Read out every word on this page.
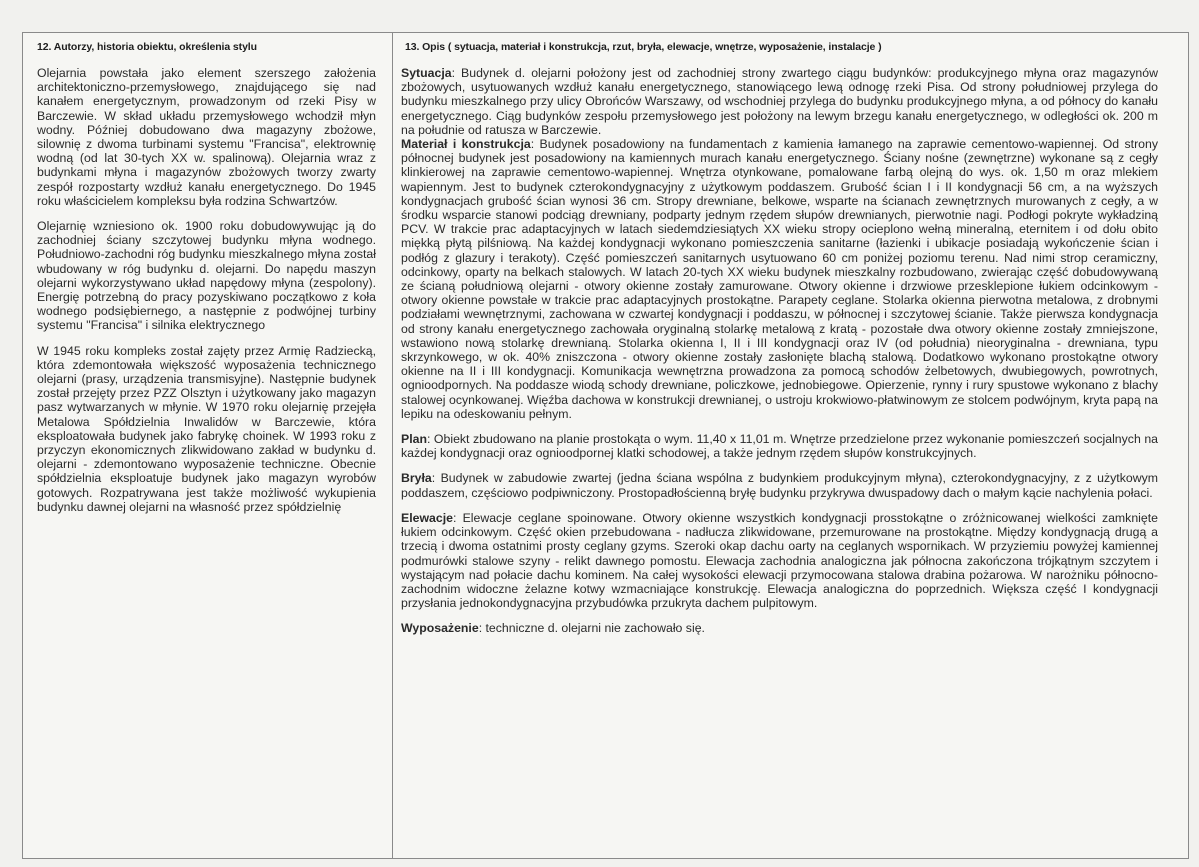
12. Autorzy, historia obiektu, określenia stylu

Olejarnia powstała jako element szerszego założenia architektoniczno-przemysłowego, znajdującego się nad kanałem energetycznym, prowadzonym od rzeki Pisy w Barczewie. W skład układu przemysłowego wchodził młyn wodny. Później dobudowano dwa magazyny zbożowe, silownię z dwoma turbinami systemu "Francisa", elektrownię wodną (od lat 30-tych XX w. spalinową). Olejarnia wraz z budynkami młyna i magazynów zbożowych tworzy zwarty zespół rozpostarty wzdłuż kanału energetycznego. Do 1945 roku właścicielem kompleksu była rodzina Schwartzów.

Olejarnię wzniesiono ok. 1900 roku dobudowywując ją do zachodniej ściany szczytowej budynku młyna wodnego. Południowo-zachodni róg budynku mieszkalnego młyna został wbudowany w róg budynku d. olejarni. Do napędu maszyn olejarni wykorzystywano układ napędowy młyna (zespolony). Energię potrzebną do pracy pozyskiwano początkowo z koła wodnego podsiębiernego, a następnie z podwójnej turbiny systemu "Francisa" i silnika elektrycznego

W 1945 roku kompleks został zajęty przez Armię Radziecką, która zdemontowała większość wyposażenia technicznego olejarni (prasy, urządzenia transmisyjne). Następnie budynek został przejęty przez PZZ Olsztyn i użytkowany jako magazyn pasz wytwarzanych w młynie. W 1970 roku olejarnię przejęła Metalowa Spółdzielnia Inwalidów w Barczewie, która eksploatowała budynek jako fabrykę choinek. W 1993 roku z przyczyn ekonomicznych zlikwidowano zakład w budynku d. olejarni - zdemontowano wyposażenie techniczne. Obecnie spółdzielnia eksploatuje budynek jako magazyn wyrobów gotowych. Rozpatrywana jest także możliwość wykupienia budynku dawnej olejarni na własność przez spółdzielnię

13. Opis ( sytuacja, materiał i konstrukcja, rzut, bryła, elewacje, wnętrze, wyposażenie, instalacje )

Sytuacja: Budynek d. olejarni położony jest od zachodniej strony zwartego ciągu budynków: produkcyjnego młyna oraz magazynów zbożowych, usytuowanych wzdłuż kanału energetycznego, stanowiącego lewą odnogę rzeki Pisa. Od strony południowej przylega do budynku mieszkalnego przy ulicy Obrońców Warszawy, od wschodniej przylega do budynku produkcyjnego młyna, a od północy do kanału energetycznego. Ciąg budynków zespołu przemysłowego jest położony na lewym brzegu kanału energetycznego, w odległości ok. 200 m na południe od ratusza w Barczewie.

Materiał i konstrukcja: Budynek posadowiony na fundamentach z kamienia łamanego na zaprawie cementowo-wapiennej. Od strony północnej budynek jest posadowiony na kamiennych murach kanału energetycznego. Ściany nośne (zewnętrzne) wykonane są z cegły klinkierowej na zaprawie cementowo-wapiennej. Wnętrza otynkowane, pomalowane farbą olejną do wys. ok. 1,50 m oraz mlekiem wapiennym. Jest to budynek czterokondygnacyjny z użytkowym poddaszem. Grubość ścian I i II kondygnacji 56 cm, a na wyższych kondygnacjach grubość ścian wynosi 36 cm. Stropy drewniane, belkowe, wsparte na ścianach zewnętrznych murowanych z cegły, a w środku wsparcie stanowi podciąg drewniany, podparty jednym rzędem słupów drewnianych, pierwotnie nagi. Podłogi pokryte wykładziną PCV. W trakcie prac adaptacyjnych w latach siedemdziesiątych XX wieku stropy ocieplono wełną mineralną, eternitem i od dołu obito miękką płytą pilśniową. Na każdej kondygnacji wykonano pomieszczenia sanitarne (łazienki i ubikacje posiadają wykończenie ścian i podłóg z glazury i terakoty). Część pomieszczeń sanitarnych usytuowano 60 cm poniżej poziomu terenu. Nad nimi strop ceramiczny, odcinkowy, oparty na belkach stalowych. W latach 20-tych XX wieku budynek mieszkalny rozbudowano, zwierając część dobudowywaną ze ścianą południową olejarni - otwory okienne zostały zamurowane. Otwory okienne i drzwiowe przesklepione łukiem odcinkowym - otwory okienne powstałe w trakcie prac adaptacyjnych prostokątne. Parapety ceglane. Stolarka okienna pierwotna metalowa, z drobnymi podziałami wewnętrznymi, zachowana w czwartej kondygnacji i poddaszu, w północnej i szczytowej ścianie. Także pierwsza kondygnacja od strony kanału energetycznego zachowała oryginalną stolarkę metalową z kratą - pozostałe dwa otwory okienne zostały zmniejszone, wstawiono nową stolarkę drewnianą. Stolarka okienna I, II i III kondygnacji oraz IV (od południa) nieoryginalna - drewniana, typu skrzynkowego, w ok. 40% zniszczona - otwory okienne zostały zasłonięte blachą stalową. Dodatkowo wykonano prostokątne otwory okienne na II i III kondygnacji. Komunikacja wewnętrzna prowadzona za pomocą schodów żelbetowych, dwubiegowych, powrotnych, ognioodpornych. Na poddasze wiodą schody drewniane, policzkowe, jednobiegowe. Opierzenie, rynny i rury spustowe wykonano z blachy stalowej ocynkowanej. Więźba dachowa w konstrukcji drewnianej, o ustroju krokwiowo-płatwinowym ze stolcem podwójnym, kryta papą na lepiku na odeskowaniu pełnym.

Plan: Obiekt zbudowano na planie prostokąta o wym. 11,40 x 11,01 m. Wnętrze przedzielone przez wykonanie pomieszczeń socjalnych na każdej kondygnacji oraz ognioodpornej klatki schodowej, a także jednym rzędem słupów konstrukcyjnych.

Bryła: Budynek w zabudowie zwartej (jedna ściana wspólna z budynkiem produkcyjnym młyna), czterokondygnacyjny, z z użytkowym poddaszem, częściowo podpiwniczony. Prostopadłościenną bryłę budynku przykrywa dwuspadowy dach o małym kącie nachylenia połaci.

Elewacje: Elewacje ceglane spoinowane. Otwory okienne wszystkich kondygnacji prosstokątne o zróżnicowanej wielkości zamknięte łukiem odcinkowym. Część okien przebudowana - nadłucza zlikwidowane, przemurowane na prostokątne. Między kondygnacją drugą a trzecią i dwoma ostatnimi prosty ceglany gzyms. Szeroki okap dachu oarty na ceglanych wspornikach. W przyziemiu powyżej kamiennej podmurówki stalowe szyny - relikt dawnego pomostu. Elewacja zachodnia analogiczna jak północna zakończona trójkątnym szczytem i wystającym nad połacie dachu kominem. Na całej wysokości elewacji przymocowana stalowa drabina pożarowa. W narożniku północno-zachodnim widoczne żelazne kotwy wzmacniające konstrukcję. Elewacja analogiczna do poprzednich. Większa część I kondygnacji przysłania jednokondygnacyjna przybudówka przukryta dachem pulpitowym.

Wyposażenie: techniczne d. olejarni nie zachowało się.
